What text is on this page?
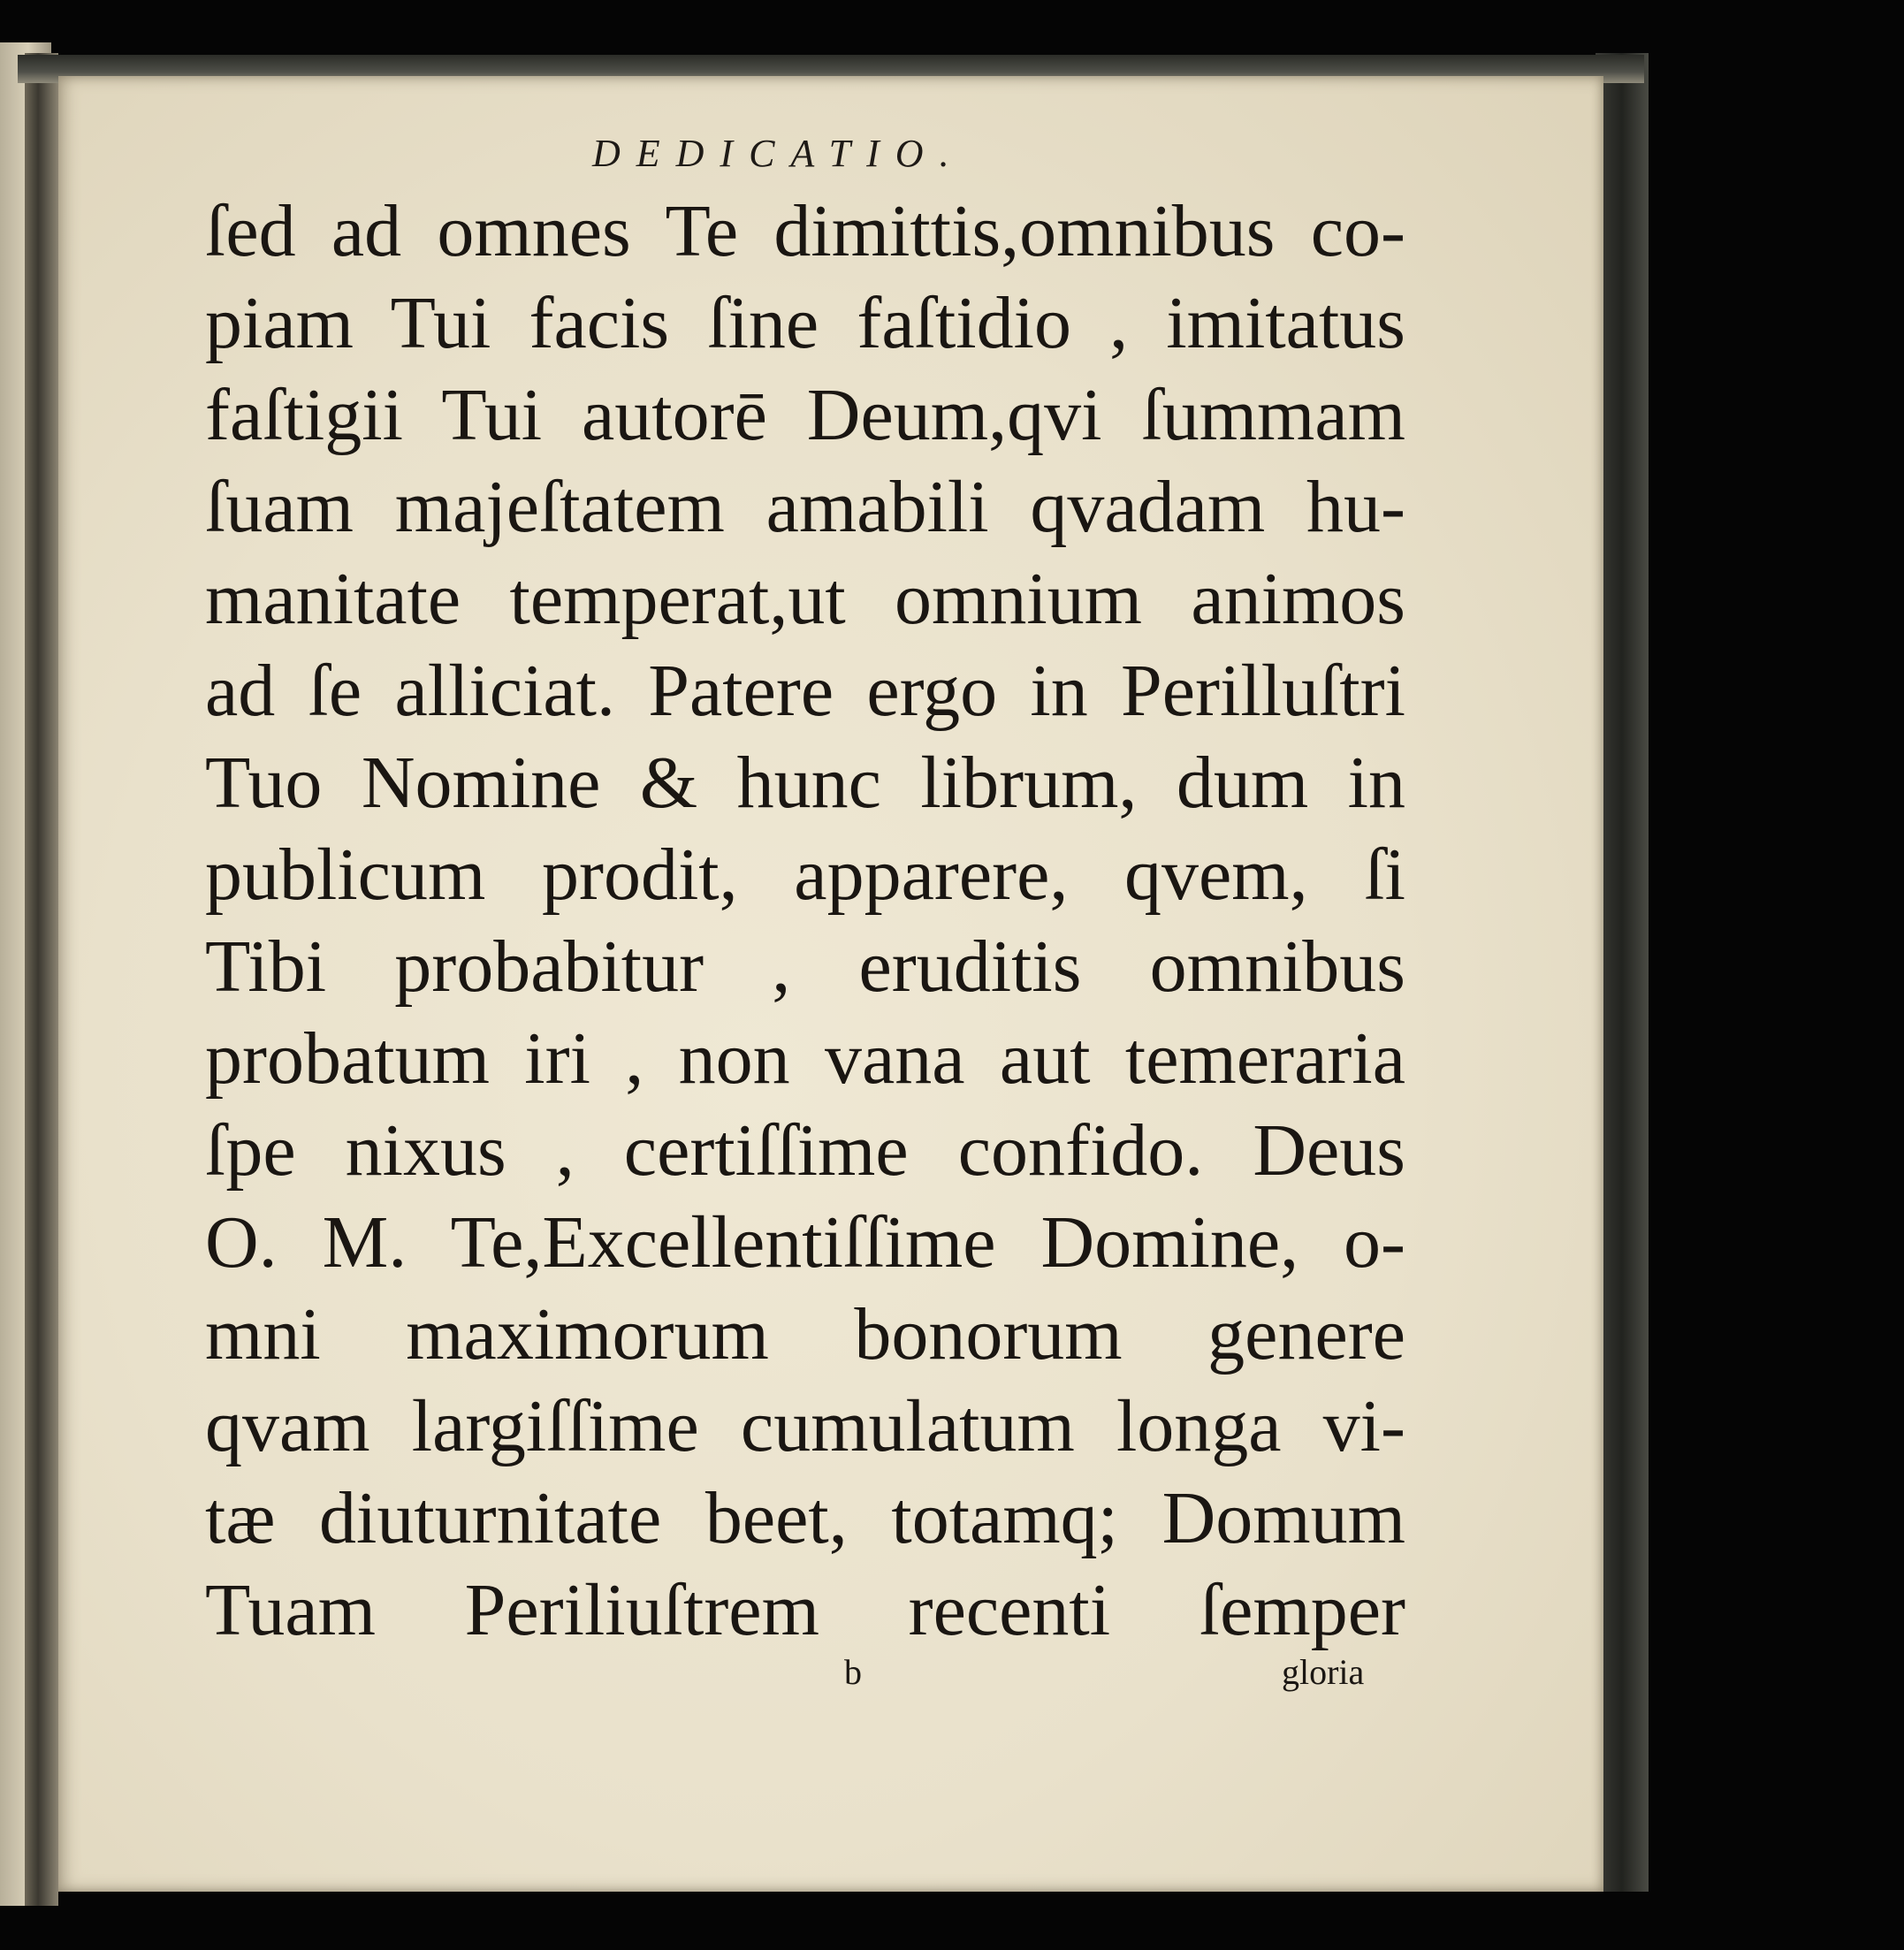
DEDICATIO.

ſed ad omnes Te dimittis,omnibus co-

piam Tui facis ſine faſtidio , imitatus

faſtigii Tui autorē Deum,qvi ſummam

ſuam majeſtatem amabili qvadam hu-

manitate temperat,ut omnium animos

ad ſe alliciat. Patere ergo in Perilluſtri

Tuo Nomine & hunc librum, dum in

publicum prodit, apparere, qvem, ſi

Tibi probabitur , eruditis omnibus

probatum iri , non vana aut temeraria

ſpe nixus , certiſſime confido. Deus

O. M. Te,Excellentiſſime Domine, o-

mni maximorum bonorum genere

qvam largiſſime cumulatum longa vi-

tæ diuturnitate beet, totamq; Domum

Tuam Periliuſtrem recenti ſemper

b	gloria
